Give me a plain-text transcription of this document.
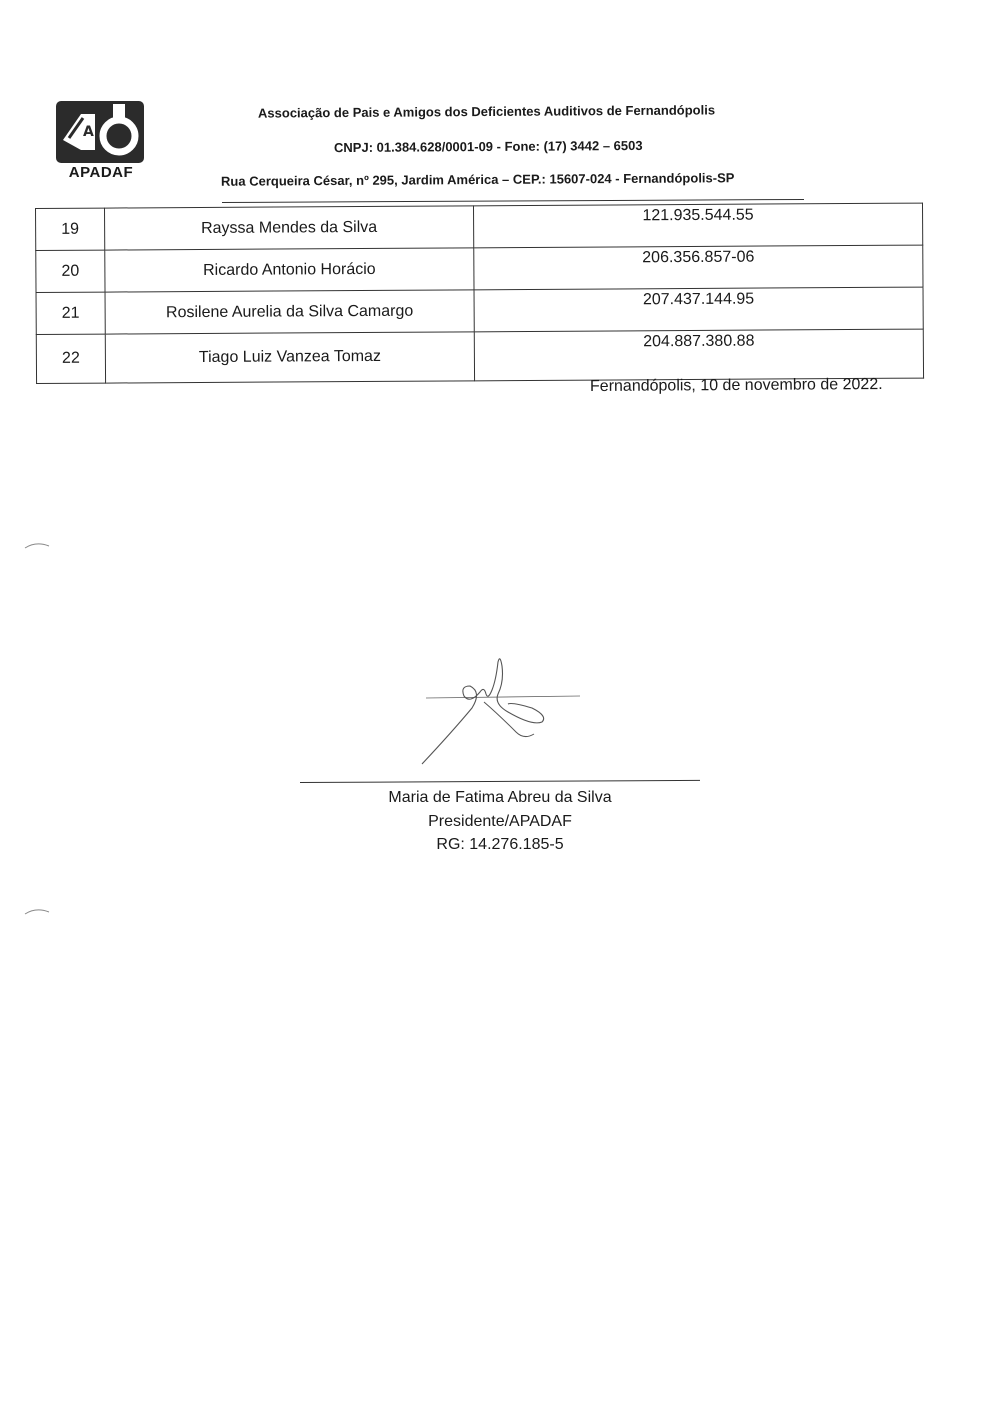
A
APADAF
Associação de Pais e Amigos dos Deficientes Auditivos de Fernandópolis
CNPJ: 01.384.628/0001-09 - Fone: (17) 3442 – 6503
Rua Cerqueira César, nº 295, Jardim América – CEP.: 15607-024 - Fernandópolis-SP
19	Rayssa Mendes da Silva	121.935.544.55
20	Ricardo Antonio Horácio	206.356.857-06
21	Rosilene Aurelia da Silva Camargo	207.437.144.95
22	Tiago Luiz Vanzea Tomaz	204.887.380.88
Fernandópolis, 10 de novembro de 2022.
Maria de Fatima Abreu da Silva
Presidente/APADAF
RG: 14.276.185-5
